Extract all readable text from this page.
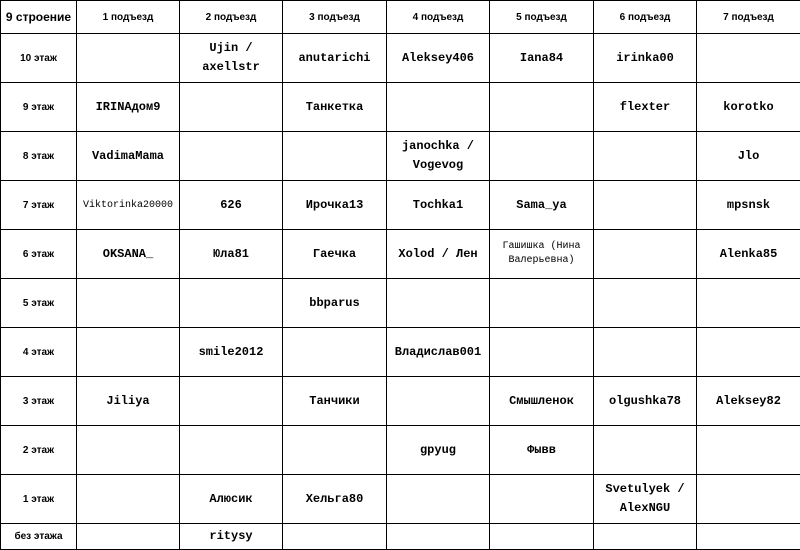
9 строение	1 подъезд	2 подъезд	3 подъезд	4 подъезд	5 подъезд	6 подъезд	7 подъезд
10 этаж		Ujin / axellstr	anutarichi	Aleksey406	Iana84	irinka00	
9 этаж	IRINAдом9		Танкетка			flexter	korotko
8 этаж	VadimaMama			janochka / Vogevog			Jlo
7 этаж	Viktorinka20000	626	Ирочка13	Tochka1	Sama_ya		mpsnsk
6 этаж	OKSANA_	Юла81	Гаечка	Xolod / Лен	Гашишка (Нина Валерьевна)		Alenka85
5 этаж			bbparus				
4 этаж		smile2012		Владислав001			
3 этаж	Jiliya		Танчики		Смышленок	olgushka78	Aleksey82
2 этаж				gpyug	Фывв		
1 этаж		Алюсик	Хельга80			Svetulyek / AlexNGU	
без этажа		ritysy					
